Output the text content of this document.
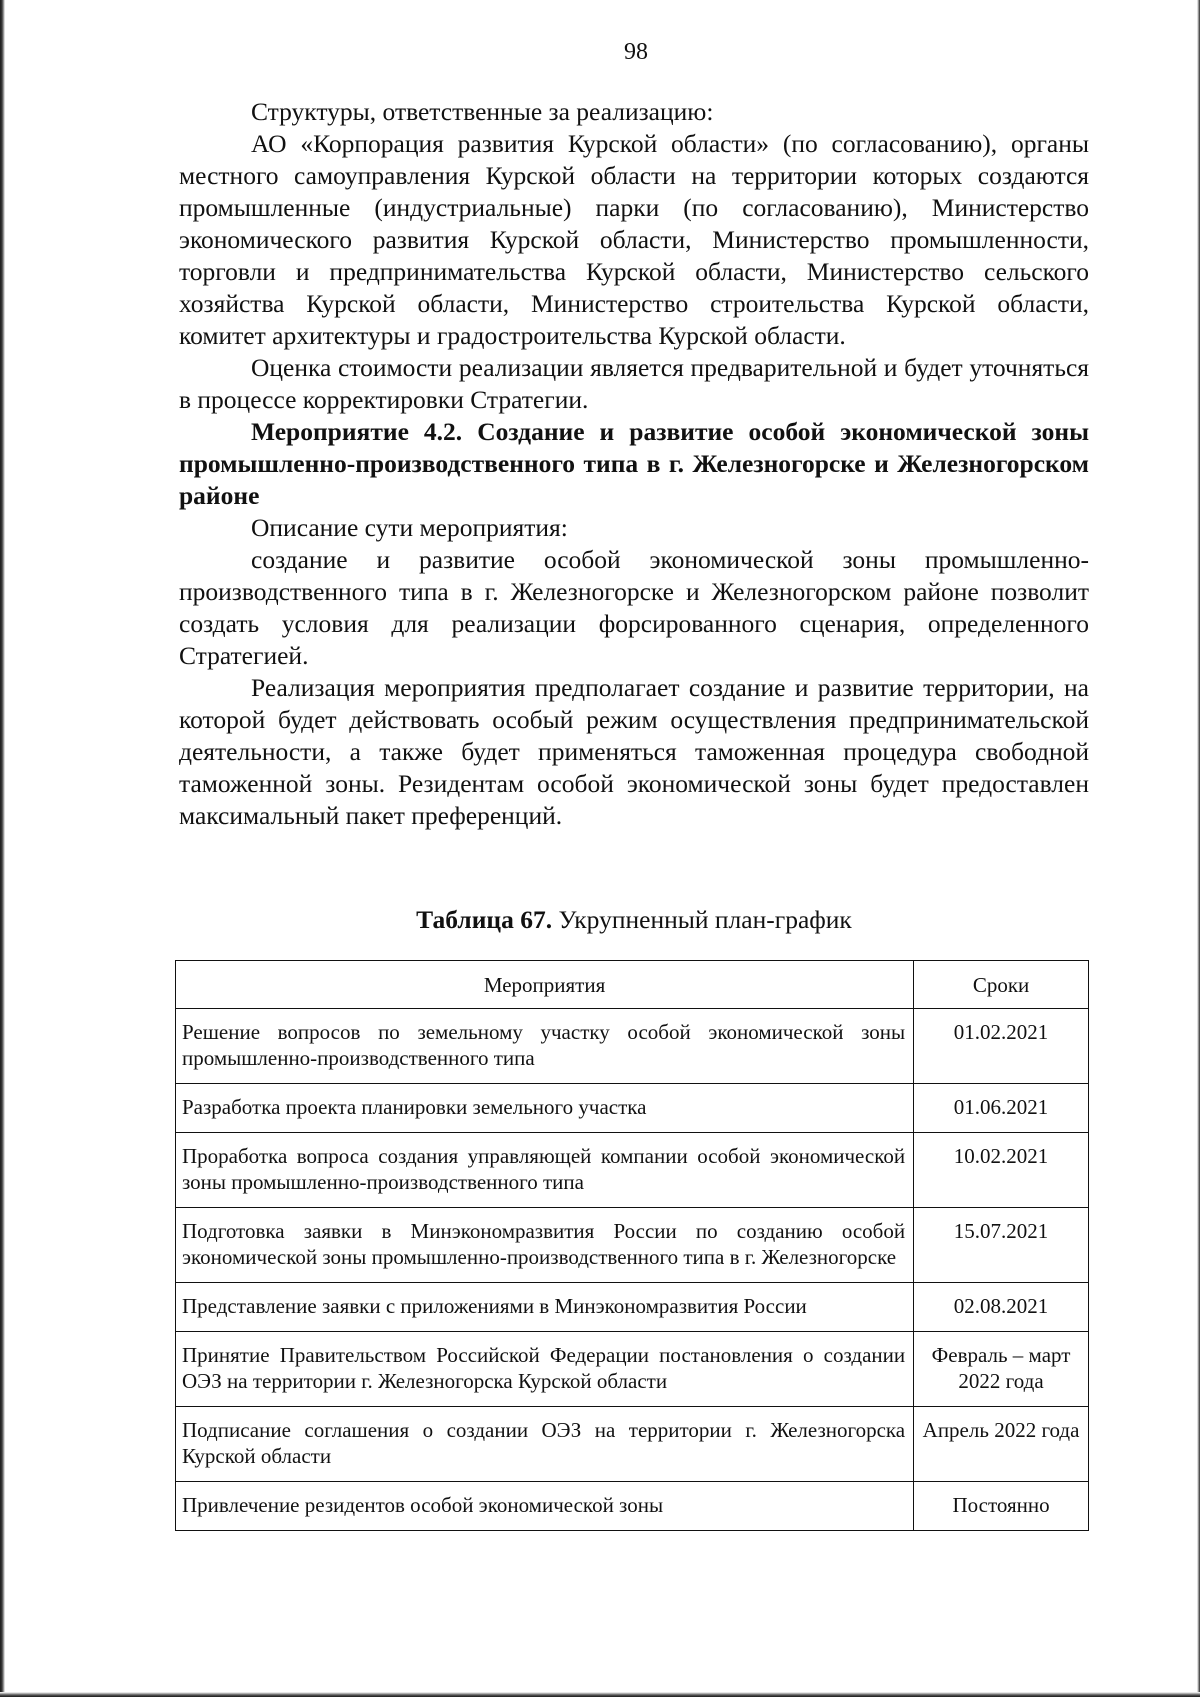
98

Структуры, ответственные за реализацию:

АО «Корпорация развития Курской области» (по согласованию), органы местного самоуправления Курской области на территории которых создаются промышленные (индустриальные) парки (по согласованию), Министерство экономического развития Курской области, Министерство промышленности, торговли и предпринимательства Курской области, Министерство сельского хозяйства Курской области, Министерство строительства Курской области, комитет архитектуры и градостроительства Курской области.

Оценка стоимости реализации является предварительной и будет уточняться в процессе корректировки Стратегии.

Мероприятие 4.2. Создание и развитие особой экономической зоны промышленно-производственного типа в г. Железногорске и Железногорском районе

Описание сути мероприятия:

создание и развитие особой экономической зоны промышленно-производственного типа в г. Железногорске и Железногорском районе позволит создать условия для реализации форсированного сценария, определенного Стратегией.

Реализация мероприятия предполагает создание и развитие территории, на которой будет действовать особый режим осуществления предпринимательской деятельности, а также будет применяться таможенная процедура свободной таможенной зоны. Резидентам особой экономической зоны будет предоставлен максимальный пакет преференций.

Таблица 67. Укрупненный план-график
Мероприятия	Сроки
Решение вопросов по земельному участку особой экономической зоны промышленно-производственного типа	01.02.2021
Разработка проекта планировки земельного участка	01.06.2021
Проработка вопроса создания управляющей компании особой экономической зоны промышленно-производственного типа	10.02.2021
Подготовка заявки в Минэкономразвития России по созданию особой экономической зоны промышленно-производственного типа в г. Железногорске	15.07.2021
Представление заявки с приложениями в Минэкономразвития России	02.08.2021
Принятие Правительством Российской Федерации постановления о создании ОЭЗ на территории г. Железногорска Курской области	Февраль – март 2022 года
Подписание соглашения о создании ОЭЗ на территории г. Железногорска Курской области	Апрель 2022 года
Привлечение резидентов особой экономической зоны	Постоянно
